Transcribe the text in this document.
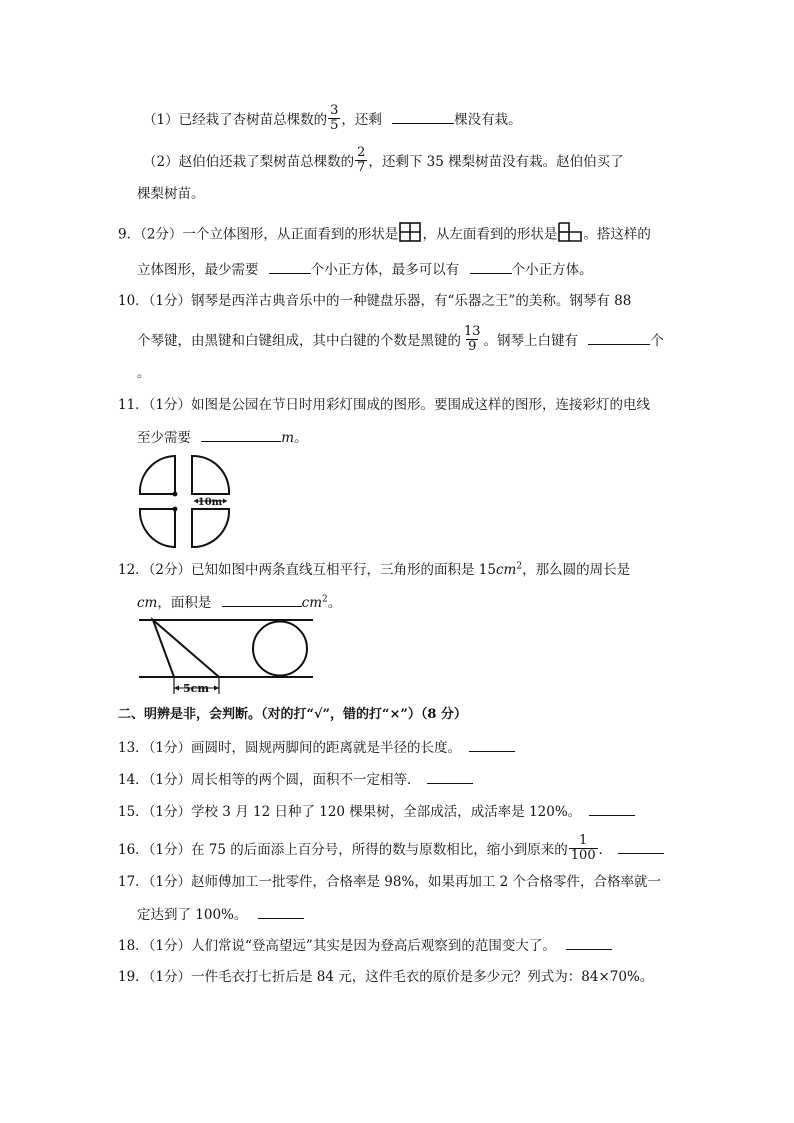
（1）已经栽了杏树苗总棵数的 $\frac{3}{5}$ ，还剩	棵没有栽。
（2）赵伯伯还栽了梨树苗总棵数的 $\frac{2}{7}$ ，还剩下 35 棵梨树苗没有栽。赵伯伯买了
棵梨树苗。
9．（2分）一个立体图形，从正面看到的形状是 ，从左面看到的形状是 。搭这样的
立体图形，最少需要	个小正方体，最多可以有	个小正方体。
10．（1分）钢琴是西洋古典音乐中的一种键盘乐器，有“乐器之王”的美称。钢琴有 88
个琴键，由黑键和白键组成，其中白键的个数是黑键的 $\frac{13}{9}$ 。钢琴上白键有	个
。
11．（1分）如图是公园在节日时用彩灯围成的图形。要围成这样的图形，连接彩灯的电线
至少需要	m。
10m
12．（2分）已知如图中两条直线互相平行，三角形的面积是 $15cm^2$，那么圆的周长是
cm，面积是	$cm^2$。
5cm
二、明辨是非，会判断。（对的打“√”，错的打“×”）（8 分）
13．（1分）画圆时，圆规两脚间的距离就是半径的长度。
14．（1分）周长相等的两个圆，面积不一定相等．
15．（1分）学校 3 月 12 日种了 120 棵果树，全部成活，成活率是 120%。
16．（1分）在 75 的后面添上百分号，所得的数与原数相比，缩小到原来的 $\frac{1}{100}$ ．
17．（1分）赵师傅加工一批零件，合格率是 98%，如果再加工 2 个合格零件，合格率就一
定达到了 100%。
18．（1分）人们常说“登高望远”其实是因为登高后观察到的范围变大了。
19．（1分）一件毛衣打七折后是 84 元，这件毛衣的原价是多少元？列式为：84×70%。
